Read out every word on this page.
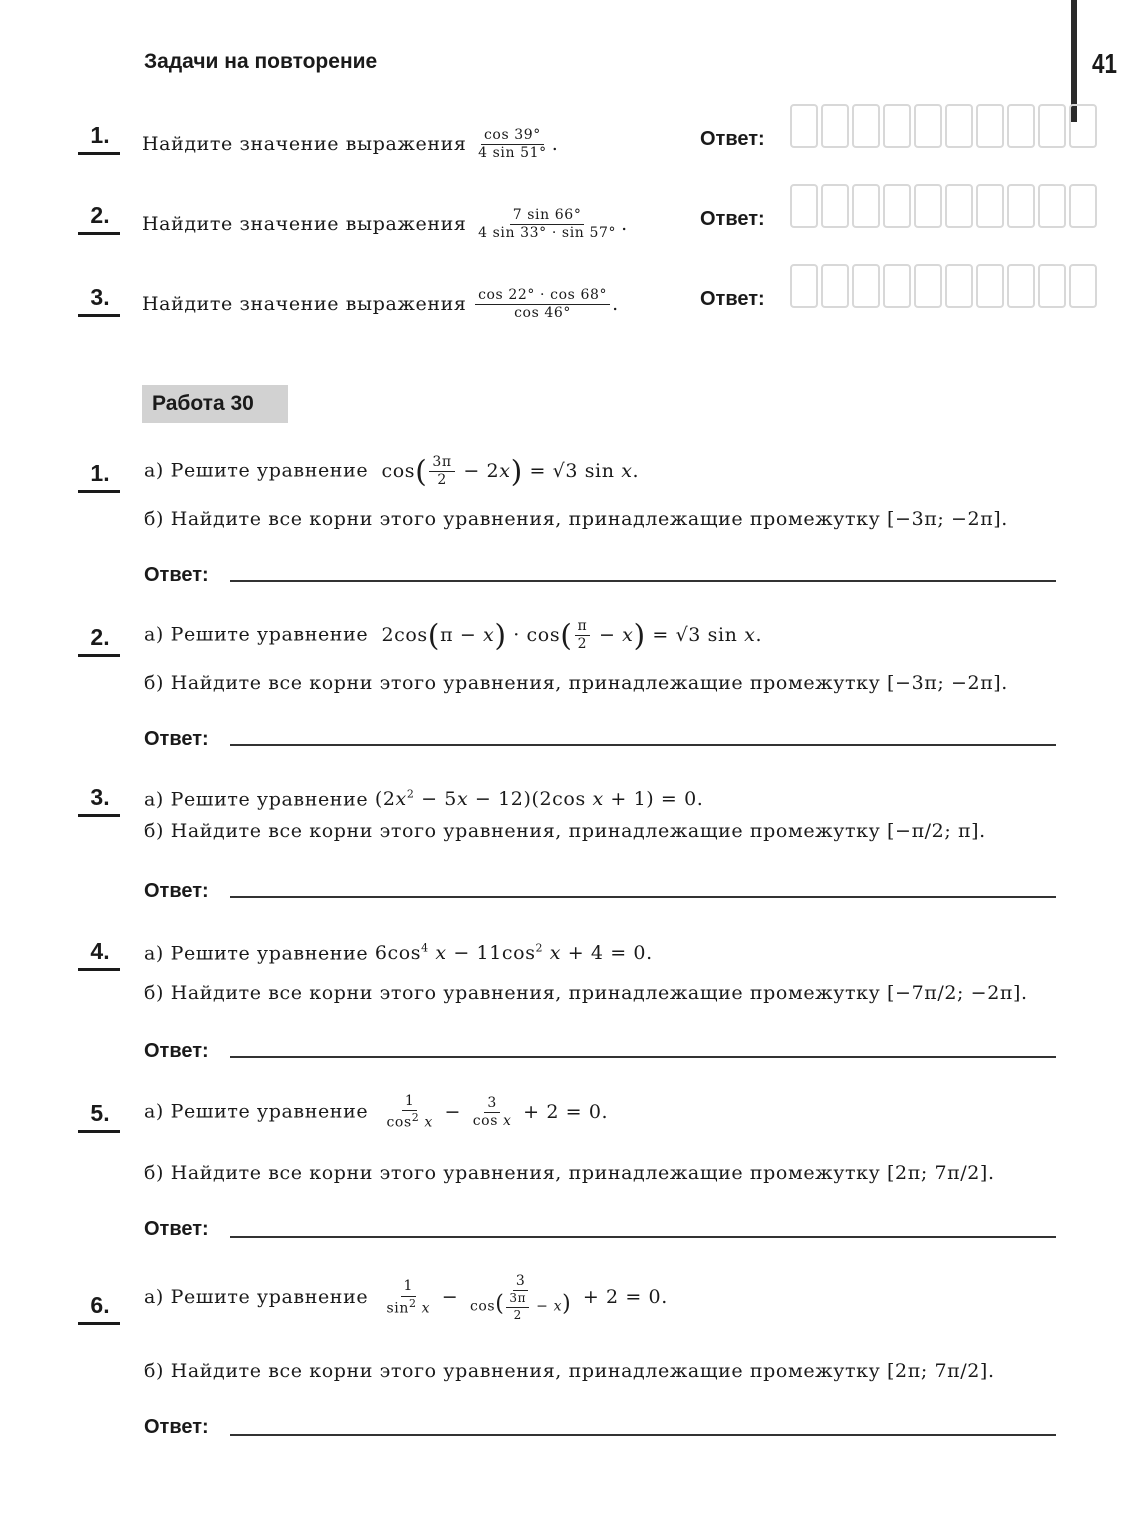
41
Задачи на повторение
1.	Найдите значение выражения $\frac{\cos 39^\circ}{4 \sin 51^\circ}$ .	Ответ:
2.	Найдите значение выражения $\frac{7 \sin 66^\circ}{4 \sin 33^\circ \cdot \sin 57^\circ}$ .	Ответ:
3.	Найдите значение выражения $\frac{\cos 22^\circ \cdot \cos 68^\circ}{\cos 46^\circ}$ .	Ответ:
Работа 30
1.	а) Решите уравнение $\cos( \frac{3\pi}{2} - 2x) = √3$ sin x.
б) Найдите все корни этого уравнения, принадлежащие промежутку [−3π; −2π].
Ответ:
2.	а) Решите уравнение $2\cos(\pi - x) \cdot \cos( \frac{\pi}{2} - x) = √3$ sin x.
б) Найдите все корни этого уравнения, принадлежащие промежутку [−3π; −2π].
Ответ:
3.	а) Решите уравнение $(2x^2 - 5x - 12)(2\cos$ x + 1) = 0.
б) Найдите все корни этого уравнения, принадлежащие промежутку [−π/2; π].
Ответ:
4.	а) Решите уравнение $6\cos^4$ $x - 11\cos^2$ x + 4 = 0.
б) Найдите все корни этого уравнения, принадлежащие промежутку [−7π/2; −2π].
Ответ:
5.	а) Решите уравнение $\frac{1}{\cos^2 x} - \frac{3}{\text{cos x}} + 2 = 0$.
б) Найдите все корни этого уравнения, принадлежащие промежутку [2π; 7π/2].
Ответ:
6.	а) Решите уравнение $\frac{1}{\sin^2 x} - \frac{3}{\cos( \frac{3\pi}{2} - x)} + 2 = 0$.
б) Найдите все корни этого уравнения, принадлежащие промежутку [2π; 7π/2].
Ответ:
